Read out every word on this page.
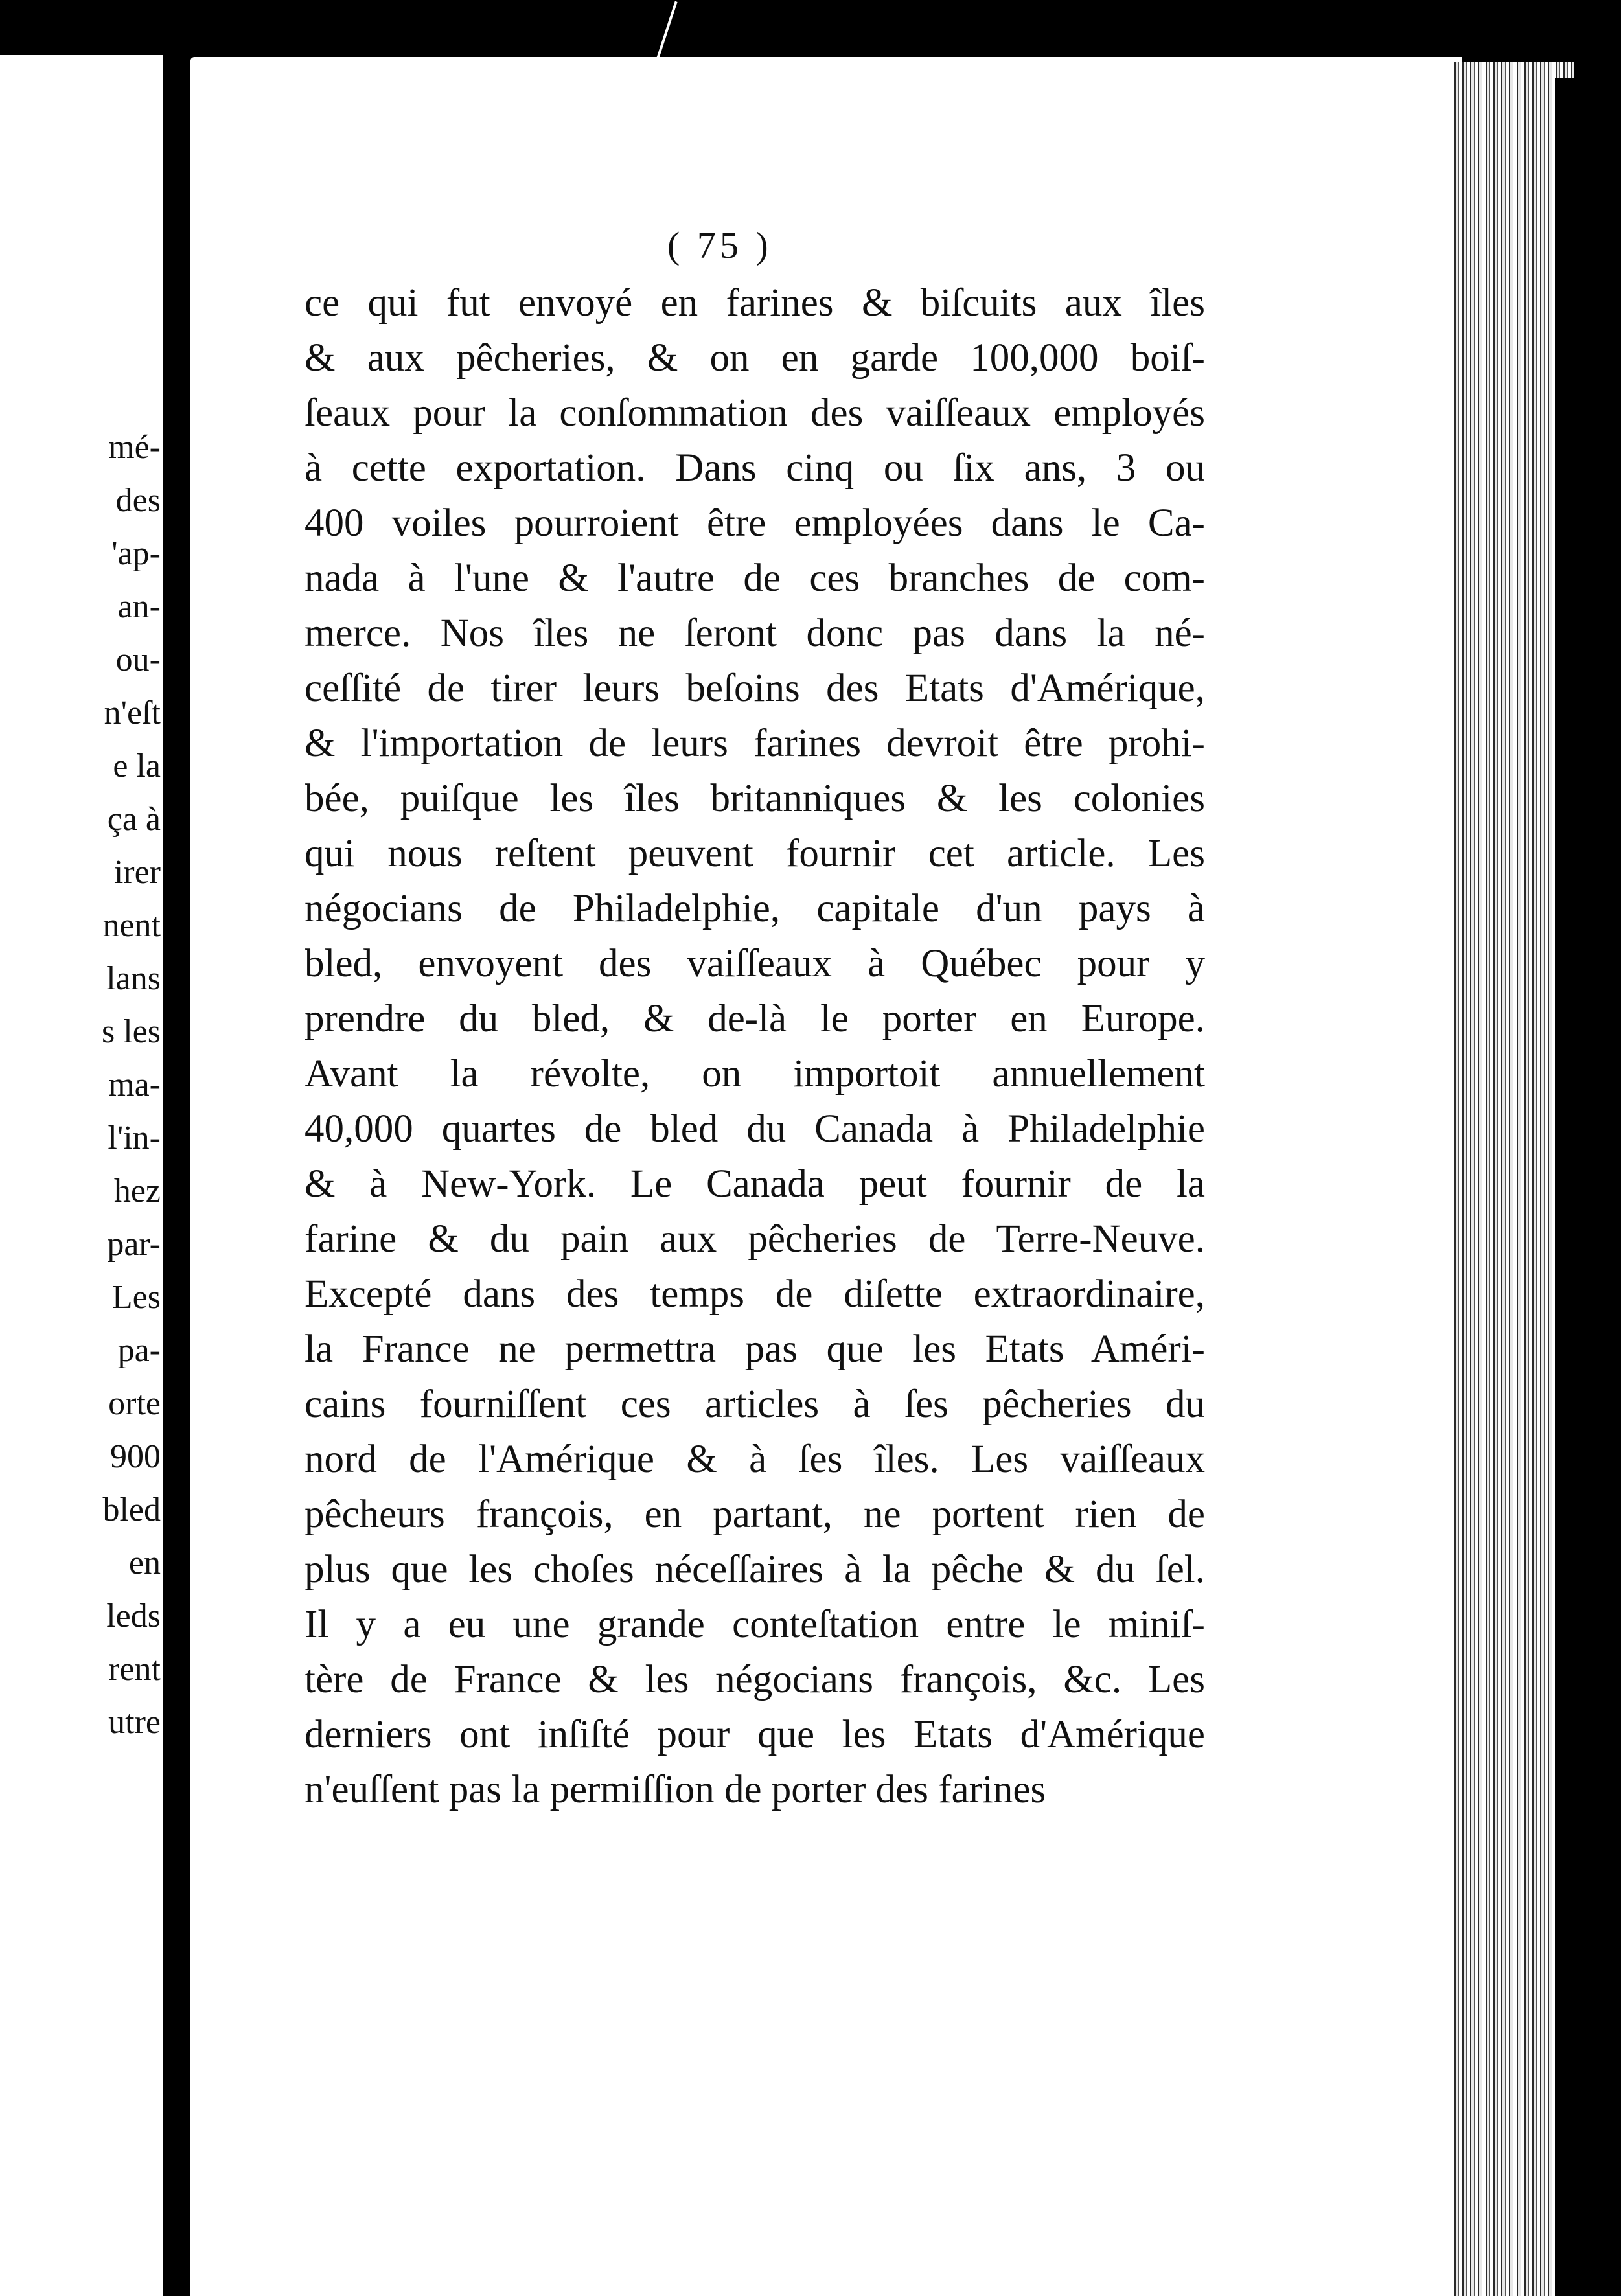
mé-

des

'ap-

an-

ou-

n'eſt

e la

ça à

irer

nent

lans

s les

ma-

l'in-

hez

par-

Les

pa-

orte

900

bled

en

leds

rent

utre

( 75 )

ce qui fut envoyé en farines & biſcuits aux îles
& aux pêcheries, & on en garde 100,000 boiſ-
ſeaux pour la conſommation des vaiſſeaux employés
à cette exportation. Dans cinq ou ſix ans, 3 ou
400 voiles pourroient être employées dans le Ca-
nada à l'une & l'autre de ces branches de com-
merce. Nos îles ne ſeront donc pas dans la né-
ceſſité de tirer leurs beſoins des Etats d'Amérique,
& l'importation de leurs farines devroit être prohi-
bée, puiſque les îles britanniques & les colonies
qui nous reſtent peuvent fournir cet article. Les
négocians de Philadelphie, capitale d'un pays à
bled, envoyent des vaiſſeaux à Québec pour y
prendre du bled, & de-là le porter en Europe.
Avant la révolte, on importoit annuellement
40,000 quartes de bled du Canada à Philadelphie
& à New-York. Le Canada peut fournir de la
farine & du pain aux pêcheries de Terre-Neuve.
Excepté dans des temps de diſette extraordinaire,
la France ne permettra pas que les Etats Améri-
cains fourniſſent ces articles à ſes pêcheries du
nord de l'Amérique & à ſes îles. Les vaiſſeaux
pêcheurs françois, en partant, ne portent rien de
plus que les choſes néceſſaires à la pêche & du ſel.
Il y a eu une grande conteſtation entre le miniſ-
tère de France & les négocians françois, &c. Les
derniers ont inſiſté pour que les Etats d'Amérique
n'euſſent pas la permiſſion de porter des farines
